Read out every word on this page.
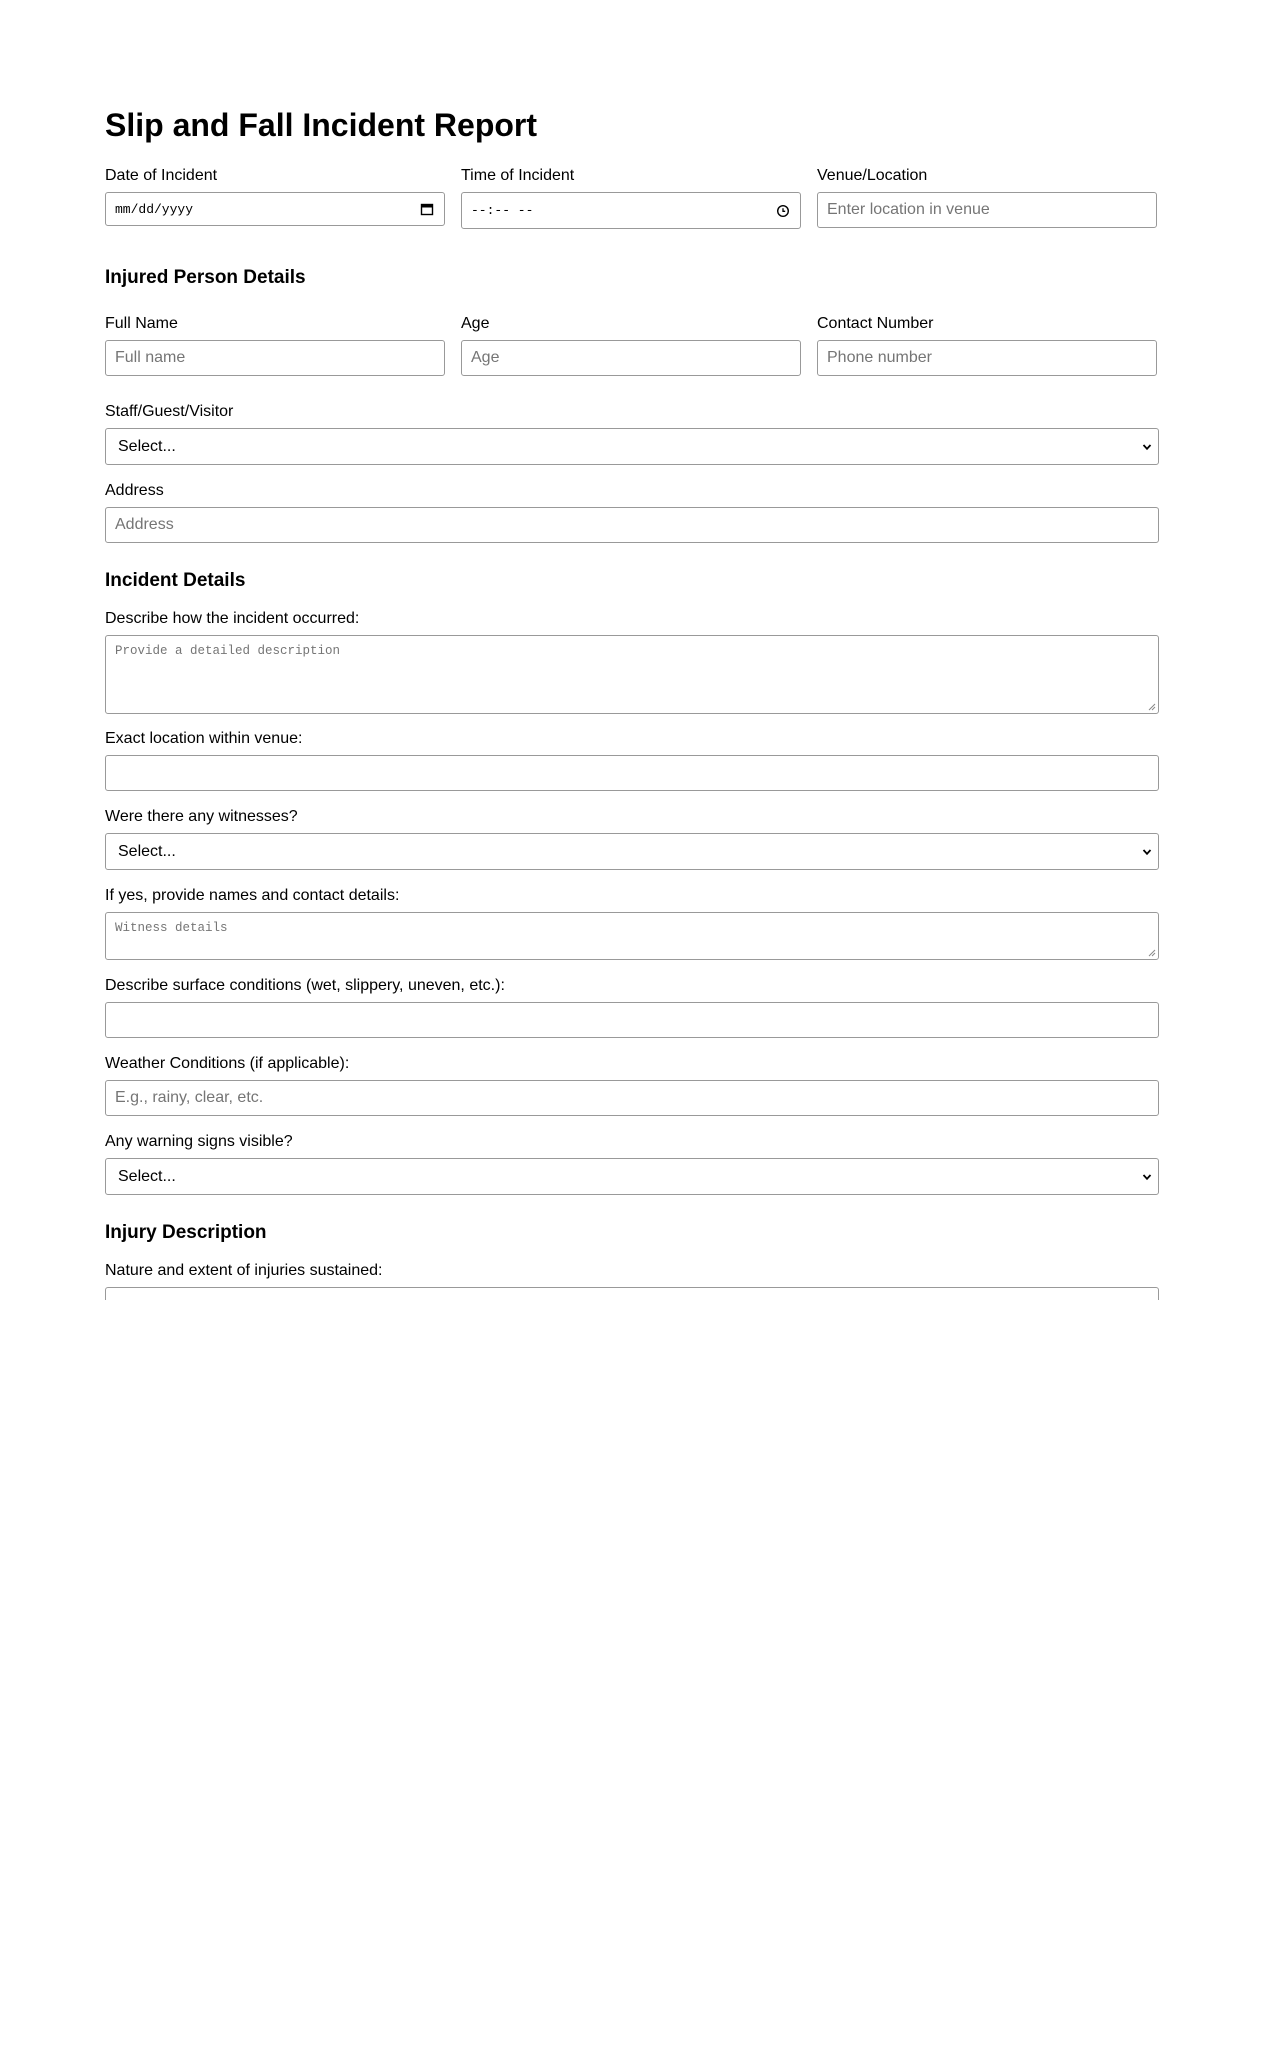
Slip and Fall Incident Report
Date of Incident
mm/dd/yyyy
Time of Incident
--:-- --
Venue/Location
Enter location in venue
Injured Person Details
Full Name
Full name	Age
Age	Contact Number
Phone number
Staff/Guest/Visitor
Select...
Address
Address
Incident Details
Describe how the incident occurred:
Provide a detailed description
Exact location within venue:
Were there any witnesses?
Select...
If yes, provide names and contact details:
Witness details
Describe surface conditions (wet, slippery, uneven, etc.):
Weather Conditions (if applicable):
E.g., rainy, clear, etc.
Any warning signs visible?
Select...
Injury Description
Nature and extent of injuries sustained:
